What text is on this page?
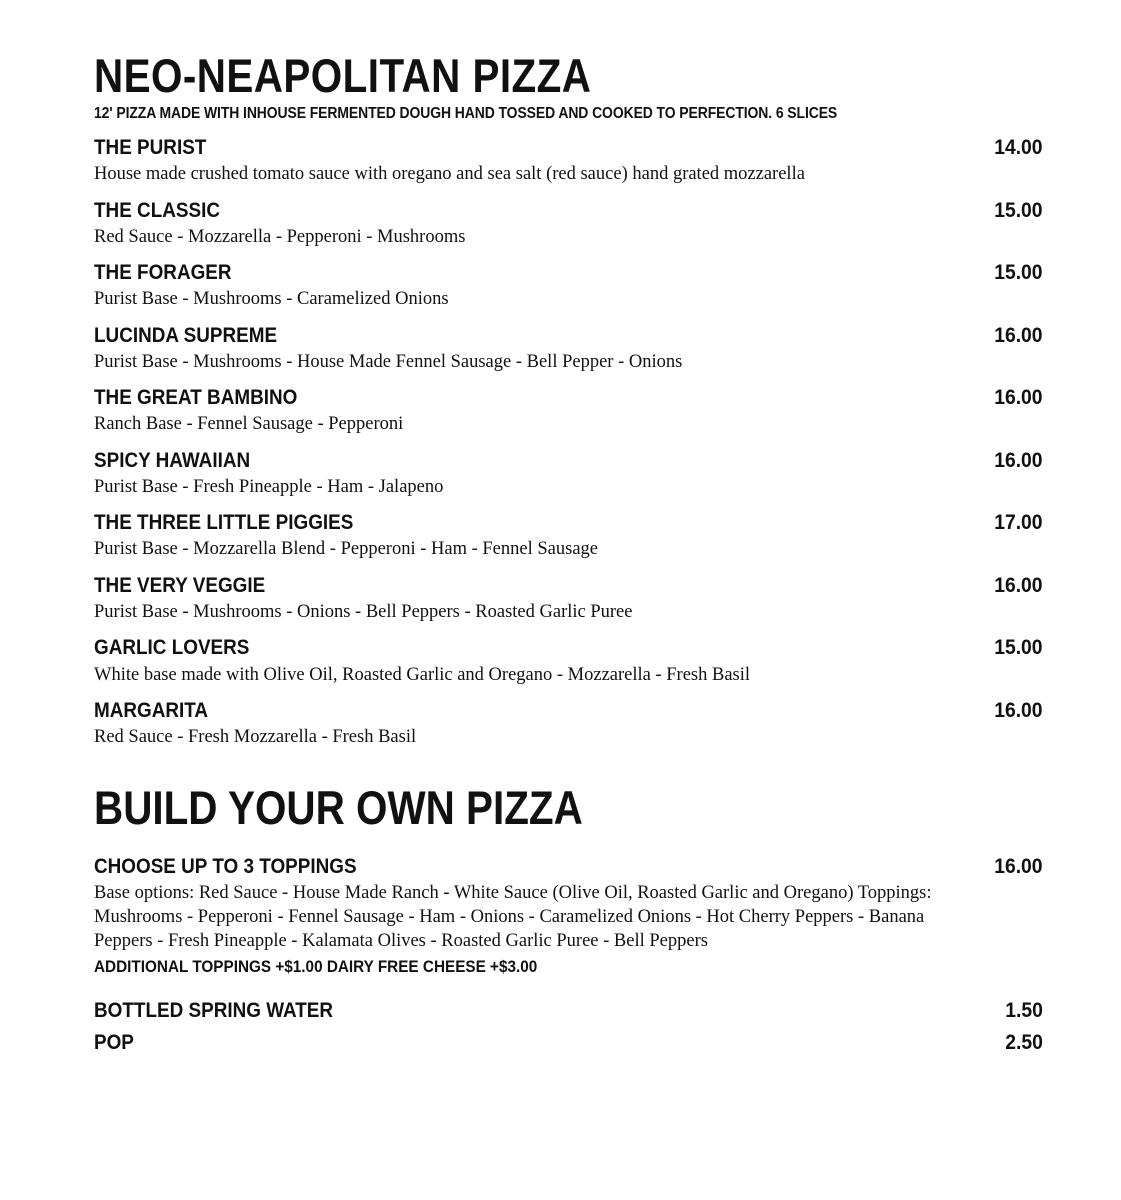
NEO-NEAPOLITAN PIZZA
12' PIZZA MADE WITH INHOUSE FERMENTED DOUGH HAND TOSSED AND COOKED TO PERFECTION. 6 SLICES
THE PURIST	14.00
House made crushed tomato sauce with oregano and sea salt (red sauce) hand grated mozzarella
THE CLASSIC	15.00
Red Sauce - Mozzarella - Pepperoni - Mushrooms
THE FORAGER	15.00
Purist Base - Mushrooms - Caramelized Onions
LUCINDA SUPREME	16.00
Purist Base - Mushrooms - House Made Fennel Sausage - Bell Pepper - Onions
THE GREAT BAMBINO	16.00
Ranch Base - Fennel Sausage - Pepperoni
SPICY HAWAIIAN	16.00
Purist Base - Fresh Pineapple - Ham - Jalapeno
THE THREE LITTLE PIGGIES	17.00
Purist Base - Mozzarella Blend - Pepperoni - Ham - Fennel Sausage
THE VERY VEGGIE	16.00
Purist Base - Mushrooms - Onions - Bell Peppers - Roasted Garlic Puree
GARLIC LOVERS	15.00
White base made with Olive Oil, Roasted Garlic and Oregano - Mozzarella - Fresh Basil
MARGARITA	16.00
Red Sauce - Fresh Mozzarella - Fresh Basil
BUILD YOUR OWN PIZZA
CHOOSE UP TO 3 TOPPINGS	16.00
Base options: Red Sauce - House Made Ranch - White Sauce (Olive Oil, Roasted Garlic and Oregano) Toppings: Mushrooms - Pepperoni - Fennel Sausage - Ham - Onions - Caramelized Onions - Hot Cherry Peppers - Banana Peppers - Fresh Pineapple - Kalamata Olives - Roasted Garlic Puree - Bell Peppers
ADDITIONAL TOPPINGS +$1.00 DAIRY FREE CHEESE +$3.00
BOTTLED SPRING WATER	1.50
POP	2.50
